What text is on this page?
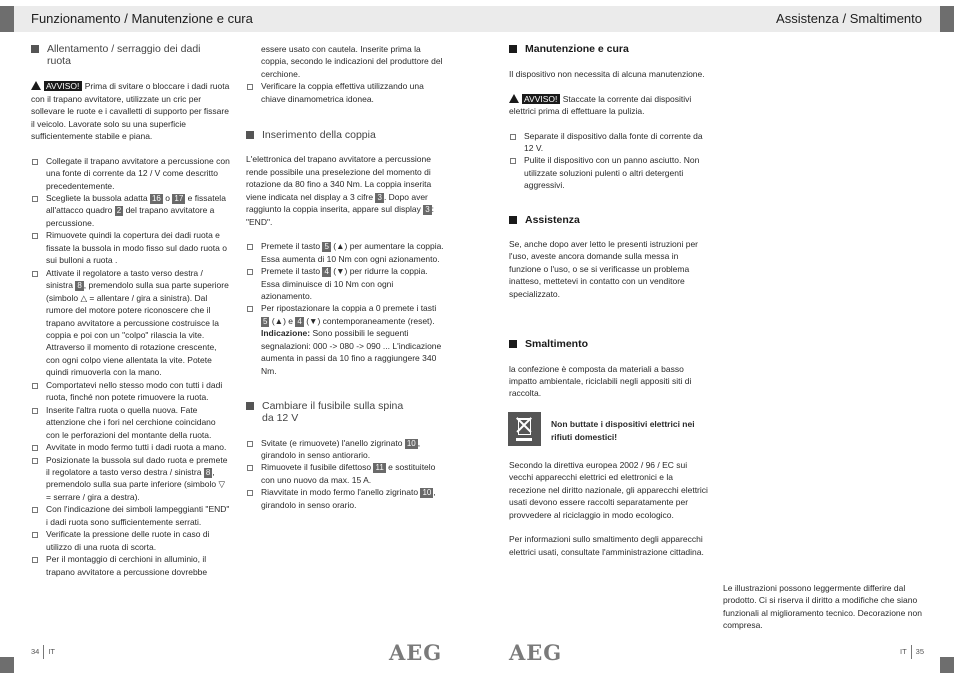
Funzionamento / Manutenzione e cura	Assistenza / Smaltimento

Allentamento / serraggio dei dadi ruota

AVVISO! Prima di svitare o bloccare i dadi ruota con il trapano avvitatore, utilizzate un cric per sollevare le ruote e i cavalletti di supporto per fissare il veicolo. Lavorate solo su una superficie sufficientemente stabile e piana.

Collegate il trapano avvitatore a percussione con una fonte di corrente da 12 / V come descritto precedentemente.

Scegliete la bussola adatta 16 o 17 e fissatela all'attacco quadro 2 del trapano avvitatore a percussione.

Rimuovete quindi la copertura dei dadi ruota e fissate la bussola in modo fisso sul dado ruota o sui bulloni a ruota .

Attivate il regolatore a tasto verso destra / sinistra 8 , premendolo sulla sua parte superiore (simbolo △ = allentare / gira a sinistra). Dal rumore del motore potere riconoscere che il trapano avvitatore a percussione costruisce la coppia e poi con un "colpo" rilascia la vite. Attraverso il momento di rotazione crescente, con ogni colpo viene allentata la vite. Potete quindi rimuoverla con la mano.

Comportatevi nello stesso modo con tutti i dadi ruota, finché non potete rimuovere la ruota.

Inserite l'altra ruota o quella nuova. Fate attenzione che i fori nel cerchione coincidano con le perforazioni del montante della ruota.

Avvitate in modo fermo tutti i dadi ruota a mano.

Posizionate la bussola sul dado ruota e premete il regolatore a tasto verso destra / sinistra 8 , premendolo sulla sua parte inferiore (simbolo ▽ = serrare / gira a destra).

Con l'indicazione dei simboli lampeggianti "END" i dadi ruota sono sufficientemente serrati.

Verificate la pressione delle ruote in caso di utilizzo di una ruota di scorta.

Per il montaggio di cerchioni in alluminio, il trapano avvitatore a percussione dovrebbe

essere usato con cautela. Inserite prima la coppia, secondo le indicazioni del produttore del cerchione.

Verificare la coppia effettiva utilizzando una chiave dinamometrica idonea.

Inserimento della coppia

L'elettronica del trapano avvitatore a percussione rende possibile una preselezione del momento di rotazione da 80 fino a 340 Nm. La coppia inserita viene indicata nel display a 3 cifre 3 . Dopo aver raggiunto la coppia inserita, appare sul display 3 : "END".

Premete il tasto 5 (▲) per aumentare la coppia. Essa aumenta di 10 Nm con ogni azionamento.

Premete il tasto 4 (▼) per ridurre la coppia. Essa diminuisce di 10 Nm con ogni azionamento.

Per ripostazionare la coppia a 0 premete i tasti 5 (▲) e 4 (▼) contemporaneamente (reset).

Indicazione: Sono possibili le seguenti segnalazioni: 000 -> 080 -> 090 ... L'indicazione aumenta in passi da 10 fino a raggiungere 340 Nm.

Cambiare il fusibile sulla spina da 12 V

Svitate (e rimuovete) l'anello zigrinato 10 , girandolo in senso antiorario.

Rimuovete il fusibile difettoso 11 e sostituitelo con uno nuovo da max. 15 A.

Riavvitate in modo fermo l'anello zigrinato 10 , girandolo in senso orario.

Manutenzione e cura

Il dispositivo non necessita di alcuna manutenzione.

AVVISO! Staccate la corrente dai dispositivi elettrici prima di effettuare la pulizia.

Separate il dispositivo dalla fonte di corrente da 12 V.

Pulite il dispositivo con un panno asciutto. Non utilizzate soluzioni pulenti o altri detergenti aggressivi.

Assistenza

Se, anche dopo aver letto le presenti istruzioni per l'uso, aveste ancora domande sulla messa in funzione o l'uso, o se si verificasse un problema inatteso, mettetevi in contatto con un venditore specializzato.

Smaltimento

la confezione è composta da materiali a basso impatto ambientale, riciclabili negli appositi siti di raccolta.

Secondo la direttiva europea 2002 / 96 / EC sui vecchi apparecchi elettrici ed elettronici e la recezione nel diritto nazionale, gli apparecchi elettrici usati devono essere raccolti separatamente per provvedere al riciclaggio in modo ecologico.

Per informazioni sullo smaltimento degli apparecchi elettrici usati, consultate l'amministrazione cittadina.

Non buttate i dispositivi elettrici nei rifiuti domestici!
Le illustrazioni possono leggermente differire dal prodotto. Ci si riserva il diritto a modifiche che siano funzionali al miglioramento tecnico. Decorazione non compresa.
34 IT	AEG	AEG	IT 35
